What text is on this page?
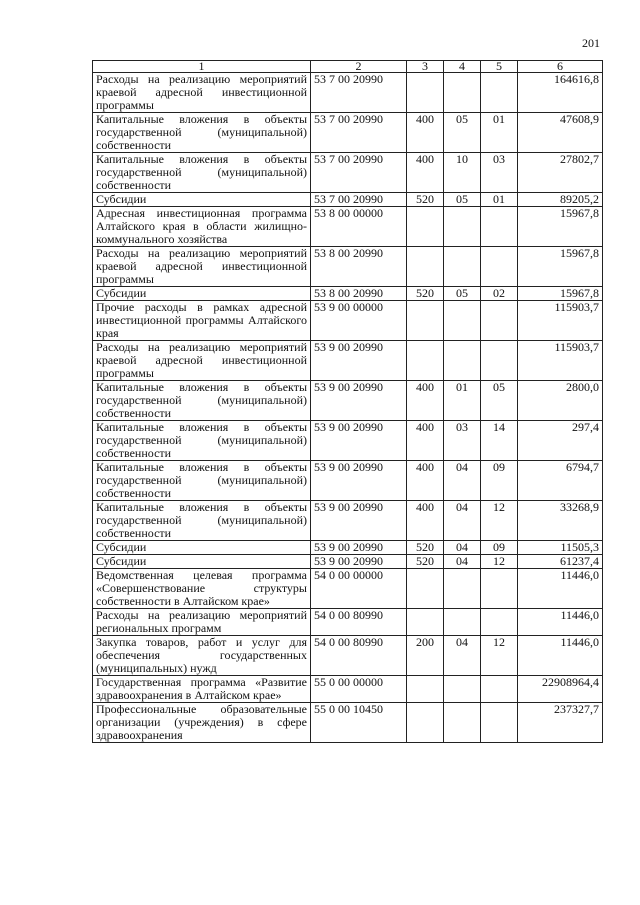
201
1	2	3	4	5	6
Расходы на реализацию мероприятий краевой адресной инвестиционной программы	53 7 00 20990				164616,8
Капитальные вложения в объекты государственной (муниципальной) собственности	53 7 00 20990	400	05	01	47608,9
Капитальные вложения в объекты государственной (муниципальной) собственности	53 7 00 20990	400	10	03	27802,7
Субсидии	53 7 00 20990	520	05	01	89205,2
Адресная инвестиционная программа Алтайского края в области жилищно-коммунального хозяйства	53 8 00 00000				15967,8
Расходы на реализацию мероприятий краевой адресной инвестиционной программы	53 8 00 20990				15967,8
Субсидии	53 8 00 20990	520	05	02	15967,8
Прочие расходы в рамках адресной инвестиционной программы Алтайского края	53 9 00 00000				115903,7
Расходы на реализацию мероприятий краевой адресной инвестиционной программы	53 9 00 20990				115903,7
Капитальные вложения в объекты государственной (муниципальной) собственности	53 9 00 20990	400	01	05	2800,0
Капитальные вложения в объекты государственной (муниципальной) собственности	53 9 00 20990	400	03	14	297,4
Капитальные вложения в объекты государственной (муниципальной) собственности	53 9 00 20990	400	04	09	6794,7
Капитальные вложения в объекты государственной (муниципальной) собственности	53 9 00 20990	400	04	12	33268,9
Субсидии	53 9 00 20990	520	04	09	11505,3
Субсидии	53 9 00 20990	520	04	12	61237,4
Ведомственная целевая программа «Совершенствование структуры собственности в Алтайском крае»	54 0 00 00000				11446,0
Расходы на реализацию мероприятий региональных программ	54 0 00 80990				11446,0
Закупка товаров, работ и услуг для обеспечения государственных (муниципальных) нужд	54 0 00 80990	200	04	12	11446,0
Государственная программа «Развитие здравоохранения в Алтайском крае»	55 0 00 00000				22908964,4
Профессиональные образовательные организации (учреждения) в сфере здравоохранения	55 0 00 10450				237327,7
